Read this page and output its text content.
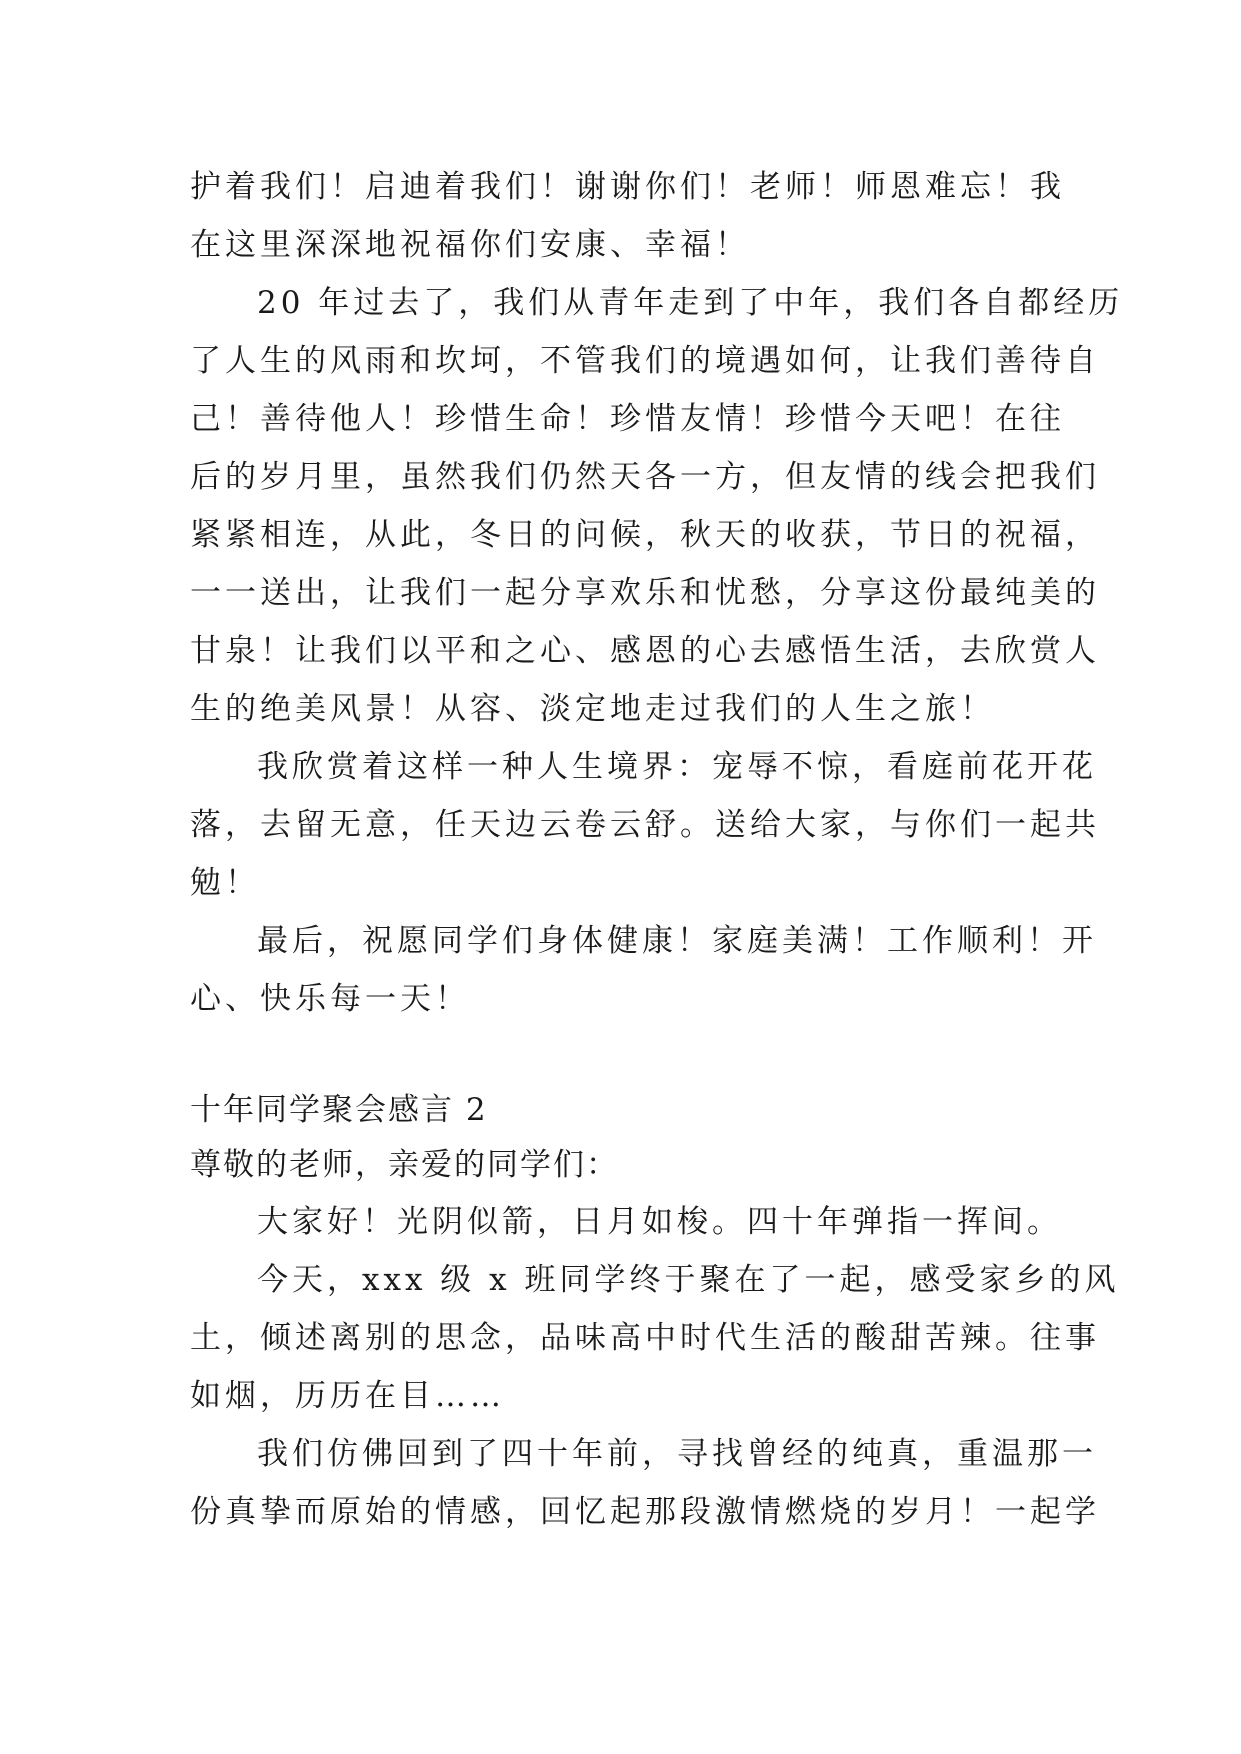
护着我们！启迪着我们！谢谢你们！老师！师恩难忘！我
在这里深深地祝福你们安康、幸福！
20 年过去了，我们从青年走到了中年，我们各自都经历
了人生的风雨和坎坷，不管我们的境遇如何，让我们善待自
己！善待他人！珍惜生命！珍惜友情！珍惜今天吧！在往
后的岁月里，虽然我们仍然天各一方，但友情的线会把我们
紧紧相连，从此，冬日的问候，秋天的收获，节日的祝福，
一一送出，让我们一起分享欢乐和忧愁，分享这份最纯美的
甘泉！让我们以平和之心、感恩的心去感悟生活，去欣赏人
生的绝美风景！从容、淡定地走过我们的人生之旅！
我欣赏着这样一种人生境界：宠辱不惊，看庭前花开花
落，去留无意，任天边云卷云舒。送给大家，与你们一起共
勉！
最后，祝愿同学们身体健康！家庭美满！工作顺利！开
心、快乐每一天！
十年同学聚会感言 2
尊敬的老师，亲爱的同学们：
大家好！光阴似箭，日月如梭。四十年弹指一挥间。
今天，xxx 级 x 班同学终于聚在了一起，感受家乡的风
土，倾述离别的思念，品味高中时代生活的酸甜苦辣。往事
如烟，历历在目……
我们仿佛回到了四十年前，寻找曾经的纯真，重温那一
份真挚而原始的情感，回忆起那段激情燃烧的岁月！一起学
